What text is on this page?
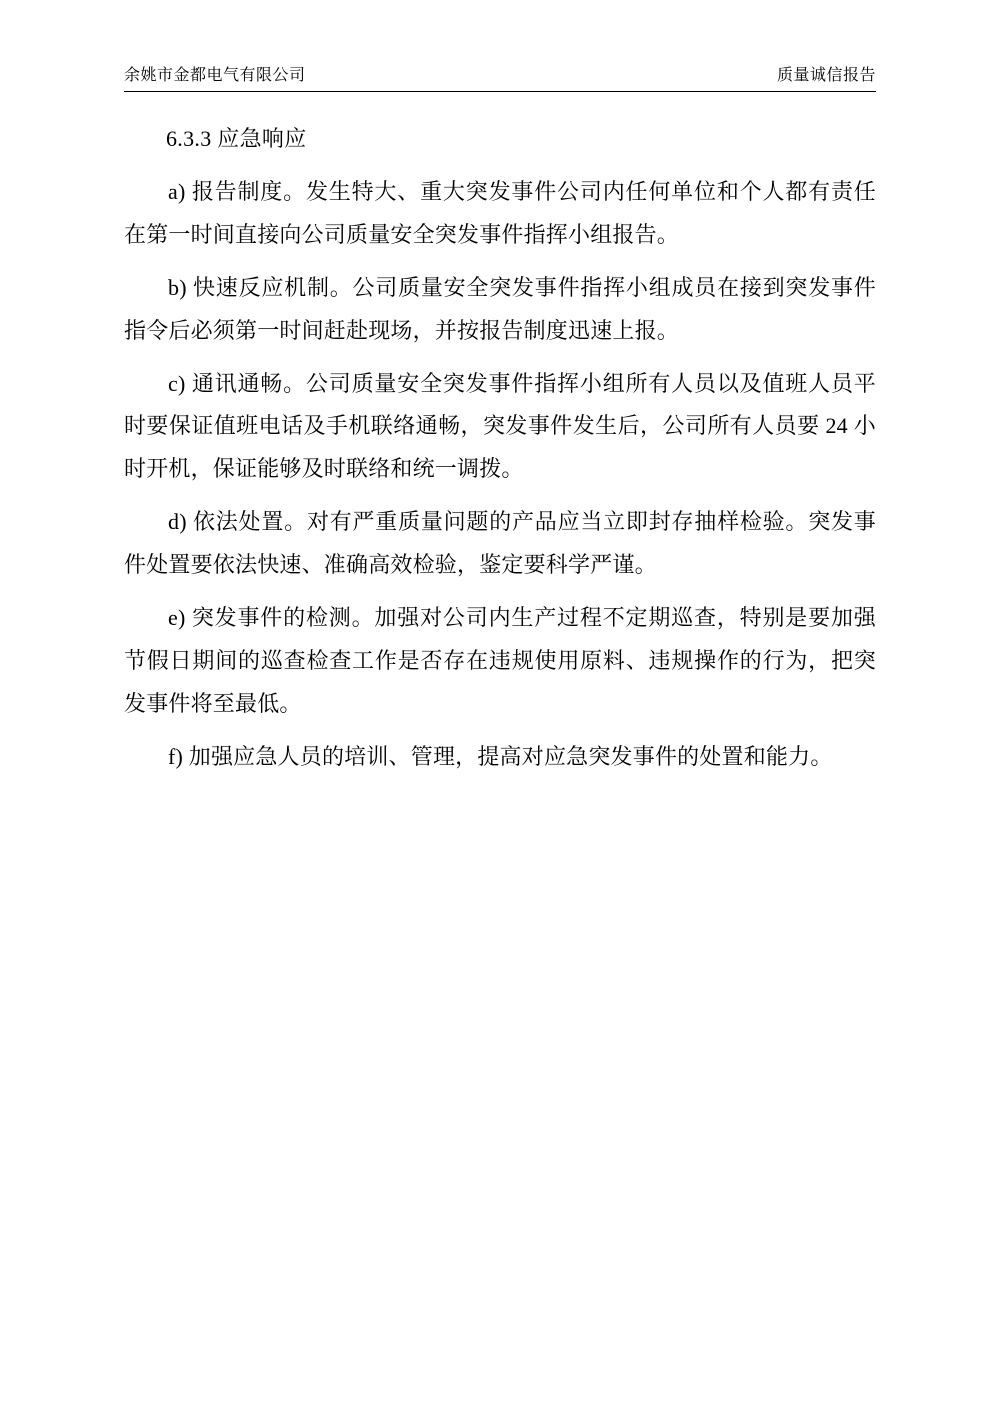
余姚市金都电气有限公司	质量诚信报告

6.3.3 应急响应

a) 报告制度。发生特大、重大突发事件公司内任何单位和个人都有责任在第一时间直接向公司质量安全突发事件指挥小组报告。

b) 快速反应机制。公司质量安全突发事件指挥小组成员在接到突发事件指令后必须第一时间赶赴现场，并按报告制度迅速上报。

c) 通讯通畅。公司质量安全突发事件指挥小组所有人员以及值班人员平时要保证值班电话及手机联络通畅，突发事件发生后，公司所有人员要 24 小时开机，保证能够及时联络和统一调拨。

d) 依法处置。对有严重质量问题的产品应当立即封存抽样检验。突发事件处置要依法快速、准确高效检验，鉴定要科学严谨。

e) 突发事件的检测。加强对公司内生产过程不定期巡查，特别是要加强节假日期间的巡查检查工作是否存在违规使用原料、违规操作的行为，把突发事件将至最低。

f) 加强应急人员的培训、管理，提高对应急突发事件的处置和能力。
